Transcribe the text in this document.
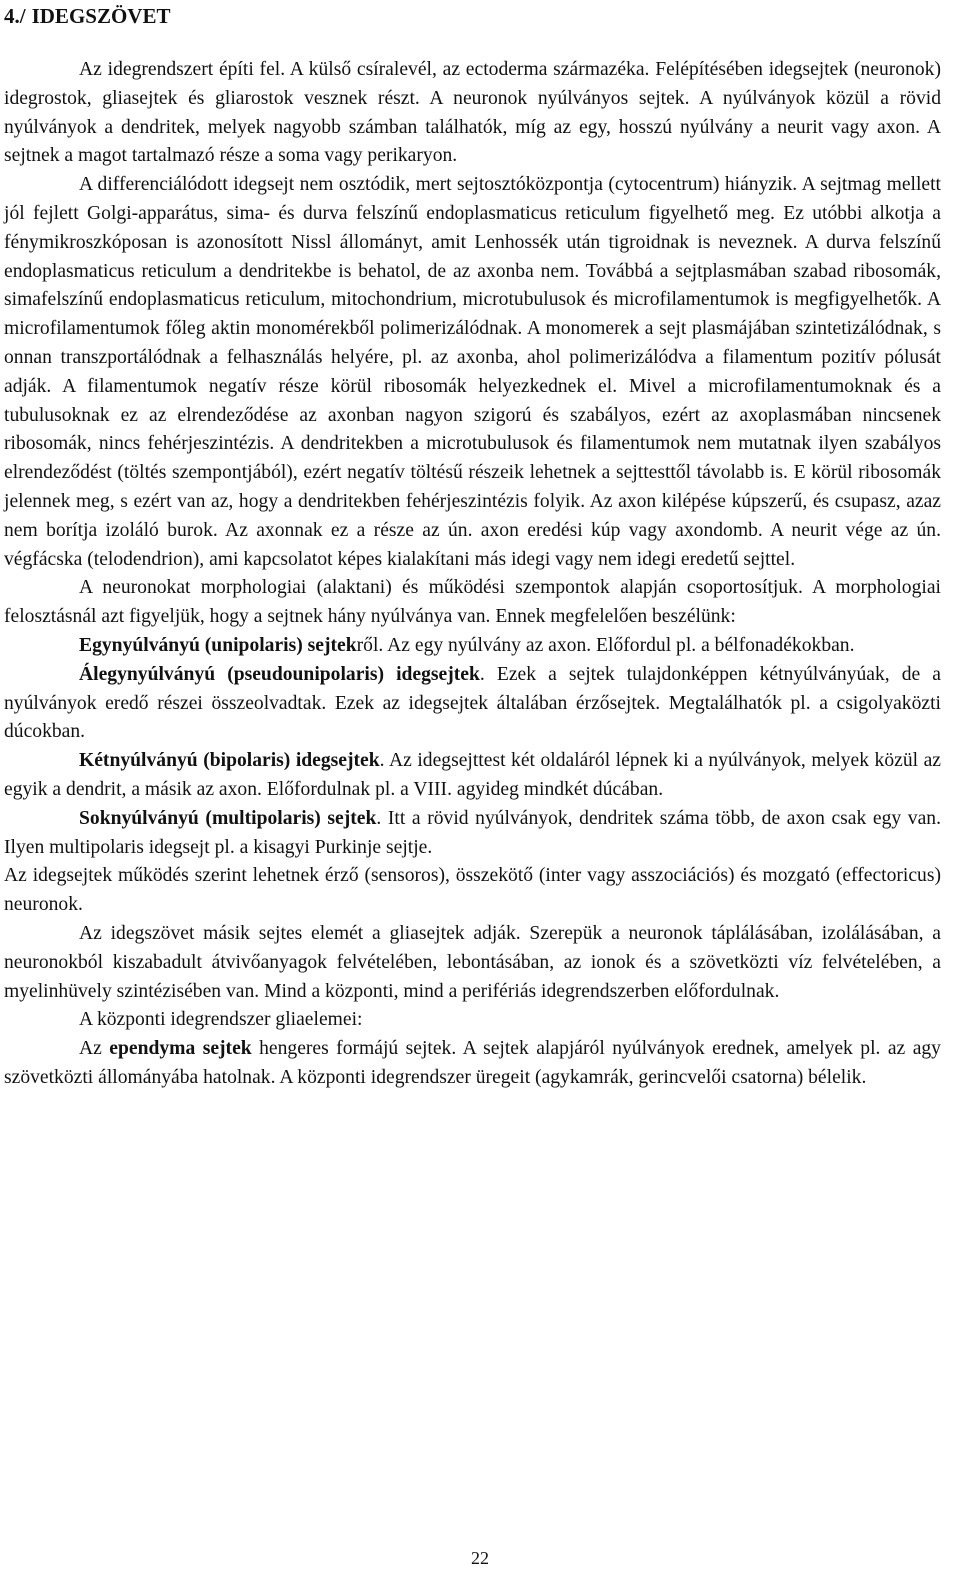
4./ IDEGSZÖVET

Az idegrendszert építi fel. A külső csíralevél, az ectoderma származéka. Felépítésében idegsejtek (neuronok) idegrostok, gliasejtek és gliarostok vesznek részt. A neuronok nyúlványos sejtek. A nyúlványok közül a rövid nyúlványok a dendritek, melyek nagyobb számban találhatók, míg az egy, hosszú nyúlvány a neurit vagy axon. A sejtnek a magot tartalmazó része a soma vagy perikaryon.

A differenciálódott idegsejt nem osztódik, mert sejtosztóközpontja (cytocentrum) hiányzik. A sejtmag mellett jól fejlett Golgi-apparátus, sima- és durva felszínű endoplasmaticus reticulum figyelhető meg. Ez utóbbi alkotja a fénymikroszkóposan is azonosított Nissl állományt, amit Lenhossék után tigroidnak is neveznek. A durva felszínű endoplasmaticus reticulum a dendritekbe is behatol, de az axonba nem. Továbbá a sejtplasmában szabad ribosomák, simafelszínű endoplasmaticus reticulum, mitochondrium, microtubulusok és microfilamentumok is megfigyelhetők. A microfilamentumok főleg aktin monomérekből polimerizálódnak. A monomerek a sejt plasmájában szintetizálódnak, s onnan transzportálódnak a felhasználás helyére, pl. az axonba, ahol polimerizálódva a filamentum pozitív pólusát adják. A filamentumok negatív része körül ribosomák helyezkednek el. Mivel a microfilamentumoknak és a tubulusoknak ez az elrendeződése az axonban nagyon szigorú és szabályos, ezért az axoplasmában nincsenek ribosomák, nincs fehérjeszintézis. A dendritekben a microtubulusok és filamentumok nem mutatnak ilyen szabályos elrendeződést (töltés szempontjából), ezért negatív töltésű részeik lehetnek a sejttesttől távolabb is. E körül ribosomák jelennek meg, s ezért van az, hogy a dendritekben fehérjeszintézis folyik. Az axon kilépése kúpszerű, és csupasz, azaz nem borítja izoláló burok. Az axonnak ez a része az ún. axon eredési kúp vagy axondomb. A neurit vége az ún. végfácska (telodendrion), ami kapcsolatot képes kialakítani más idegi vagy nem idegi eredetű sejttel.

A neuronokat morphologiai (alaktani) és működési szempontok alapján csoportosítjuk. A morphologiai felosztásnál azt figyeljük, hogy a sejtnek hány nyúlványa van. Ennek megfelelően beszélünk:

Egynyúlványú (unipolaris) sejtekről. Az egy nyúlvány az axon. Előfordul pl. a bélfonadékokban.

Álegynyúlványú (pseudounipolaris) idegsejtek. Ezek a sejtek tulajdonképpen kétnyúlványúak, de a nyúlványok eredő részei összeolvadtak. Ezek az idegsejtek általában érzősejtek. Megtalálhatók pl. a csigolyaközti dúcokban.

Kétnyúlványú (bipolaris) idegsejtek. Az idegsejttest két oldaláról lépnek ki a nyúlványok, melyek közül az egyik a dendrit, a másik az axon. Előfordulnak pl. a VIII. agyideg mindkét dúcában.

Soknyúlványú (multipolaris) sejtek. Itt a rövid nyúlványok, dendritek száma több, de axon csak egy van. Ilyen multipolaris idegsejt pl. a kisagyi Purkinje sejtje.

Az idegsejtek működés szerint lehetnek érző (sensoros), összekötő (inter vagy asszociációs) és mozgató (effectoricus) neuronok.

Az idegszövet másik sejtes elemét a gliasejtek adják. Szerepük a neuronok táplálásában, izolálásában, a neuronokból kiszabadult átvivőanyagok felvételében, lebontásában, az ionok és a szövetközti víz felvételében, a myelinhüvely szintézisében van. Mind a központi, mind a perifériás idegrendszerben előfordulnak.

A központi idegrendszer gliaelemei:

Az ependyma sejtek hengeres formájú sejtek. A sejtek alapjáról nyúlványok erednek, amelyek pl. az agy szövetközti állományába hatolnak. A központi idegrendszer üregeit (agykamrák, gerincvelői csatorna) bélelik.

22
